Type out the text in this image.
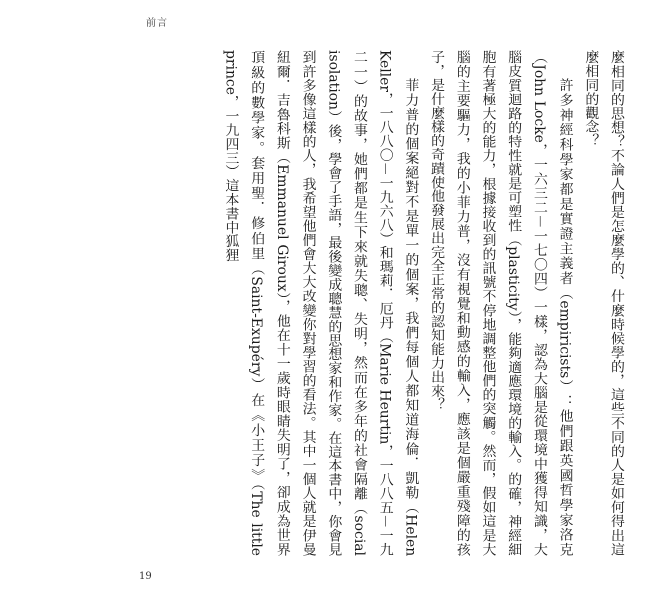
前言

麼相同的思想？不論人們是怎麼學的、什麼時候學的，這些不同的人是如何得出這麼相同的觀念？

許多神經科學家都是實證主義者（empiricists）：他們跟英國哲學家洛克（John Locke，一六三二－一七〇四）一樣，認為大腦是從環境中獲得知識，大腦皮質迴路的特性就是可塑性（plasticity），能夠適應環境的輸入。的確，神經細胞有著極大的能力，根據接收到的訊號不停地調整他們的突觸。然而，假如這是大腦的主要驅力，我的小菲力普，沒有視覺和動感的輸入，應該是個嚴重殘障的孩子，是什麼樣的奇蹟使他發展出完全正常的認知能力出來？

菲力普的個案絕對不是單一的個案，我們每個人都知道海倫．凱勒（Helen Keller，一八八〇－一九六八）和瑪莉．厄丹（Marie Heurtin，一八八五－一九二一）的故事，她們都是生下來就失聰、失明，然而在多年的社會隔離（social isolation）後，學會了手語，最後變成聰慧的思想家和作家。在這本書中，你會見到許多像這樣的人，我希望他們會大大改變你對學習的看法。其中一個人就是伊曼紐爾．吉魯科斯（Emmanuel Giroux），他在十一歲時眼睛失明了，卻成為世界頂級的數學家。套用聖．修伯里（Saint-Exupéry）在《小王子》（The little prince，一九四三）這本書中狐狸

19
